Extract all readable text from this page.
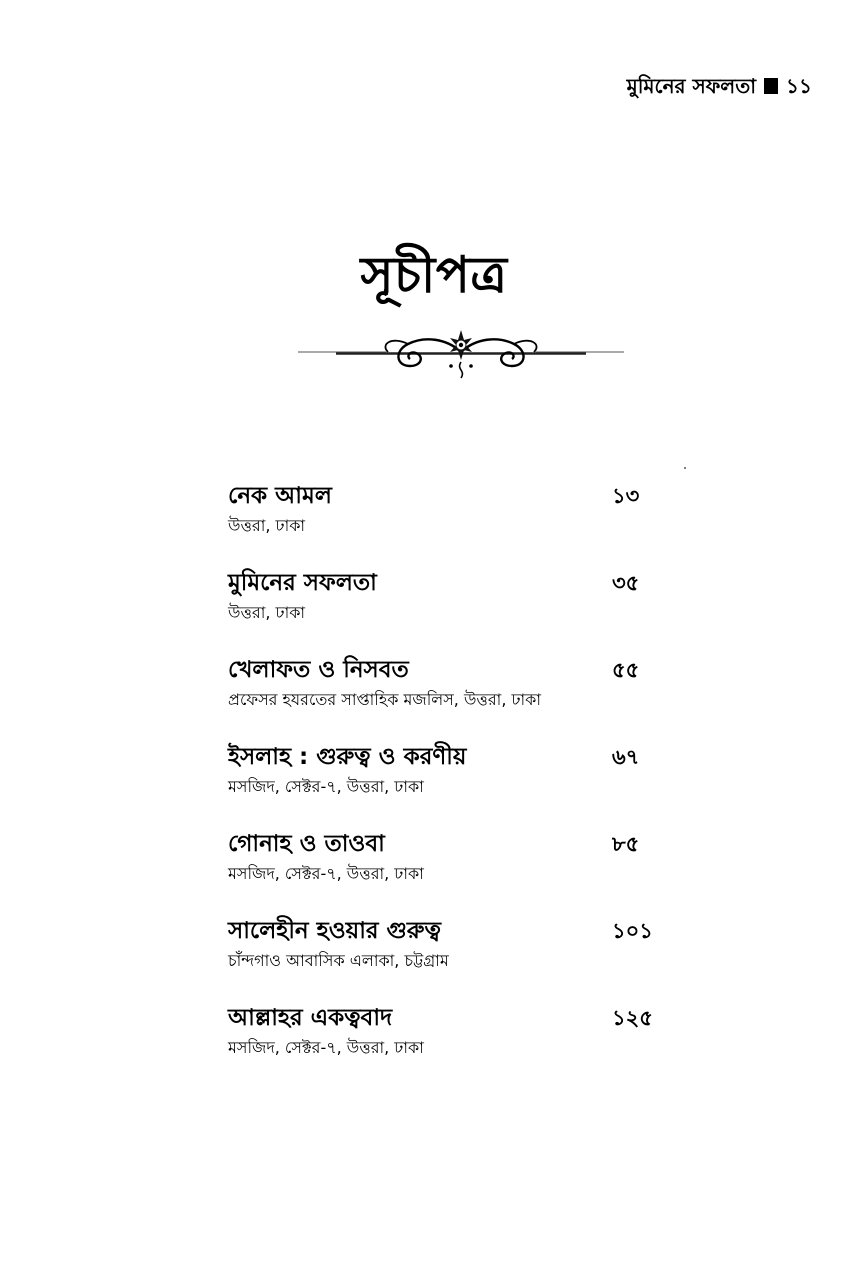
মুমিনের সফলতা ১১
সূচীপত্র
নেক আমল	১৩
উত্তরা, ঢাকা
মুমিনের সফলতা	৩৫
উত্তরা, ঢাকা
খেলাফত ও নিসবত	৫৫
প্রফেসর হযরতের সাপ্তাহিক মজলিস, উত্তরা, ঢাকা
ইসলাহ : গুরুত্ব ও করণীয়	৬৭
মসজিদ, সেক্টর-৭, উত্তরা, ঢাকা
গোনাহ ও তাওবা	৮৫
মসজিদ, সেক্টর-৭, উত্তরা, ঢাকা
সালেহীন হওয়ার গুরুত্ব	১০১
চাঁন্দগাও আবাসিক এলাকা, চট্টগ্রাম
আল্লাহর একত্ববাদ	১২৫
মসজিদ, সেক্টর-৭, উত্তরা, ঢাকা
